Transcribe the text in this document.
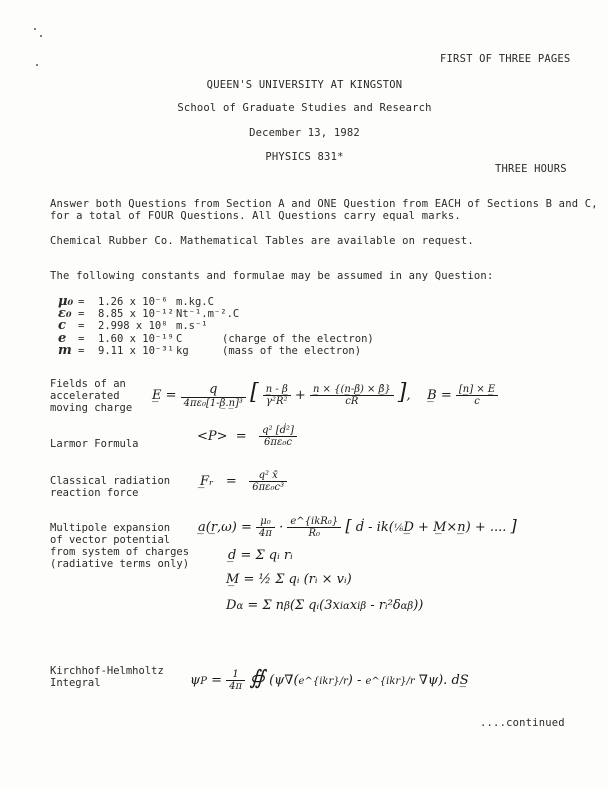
FIRST OF THREE PAGES
QUEEN'S UNIVERSITY AT KINGSTON
School of Graduate Studies and Research
December 13, 1982
PHYSICS 831*
THREE HOURS
Answer both Questions from Section A and ONE Question from EACH of Sections B and C,
for a total of FOUR Questions. All Questions carry equal marks.
Chemical Rubber Co. Mathematical Tables are available on request.
The following constants and formulae may be assumed in any Question:
μ₀ = 1.26 x 10⁻⁶ m.kg.C
ε₀ = 8.85 x 10⁻¹² Nt⁻¹.m⁻².C
c = 2.998 x 10⁸ m.s⁻¹
e = 1.60 x 10⁻¹⁹ C	(charge of the electron)
m = 9.11 x 10⁻³¹ kg	(mass of the electron)
Fields of an
accelerated
moving charge
Larmor Formula
Classical radiation
reaction force
Multipole expansion
of vector potential
from system of charges
(radiative terms only)
Kirchhof-Helmholtz
Integral
E̲ = $\frac{q}{\text{4πε₀[1-β̲.n̲]³}}$ [ $\frac{n̲ - \beta̲}{\text{γ²R²}} + \frac{n̲ \times \{(n̲-\beta̲) \times \betȧ̲\}}{cR}$ ],    B̲ = $\frac{[n̲] \times E̲}{c}$
$<P> = \frac{\text{q² [ḋ²]}}{\text{6πε₀c}}$
F̲ᵣ   = $\frac{\text{q² ẍ̇}}{\text{6πε₀c³}}$
a̲(r̲,ω) = $\frac{\text{μ₀}}{4\pi} \cdot \frac{\text{e\textasciicircum{}\{ikR₀\}}}{\text{R₀}}$ [ ḋ - ik(⅙D̲ + M̲×n̲) + .... ]
d̲ = Σ qᵢ rᵢ
M̲ = ½ Σ qᵢ (rᵢ × vᵢ)
Dα = Σ nβ(Σ qᵢ(3xiαxiβ - rᵢ²δαβ))
$\psi P = \frac{1}{4\pi}$ ∯ (ψ∇(e^{ikr}/r) - e^{ikr}/r ∇ψ). dS̲
....continued
